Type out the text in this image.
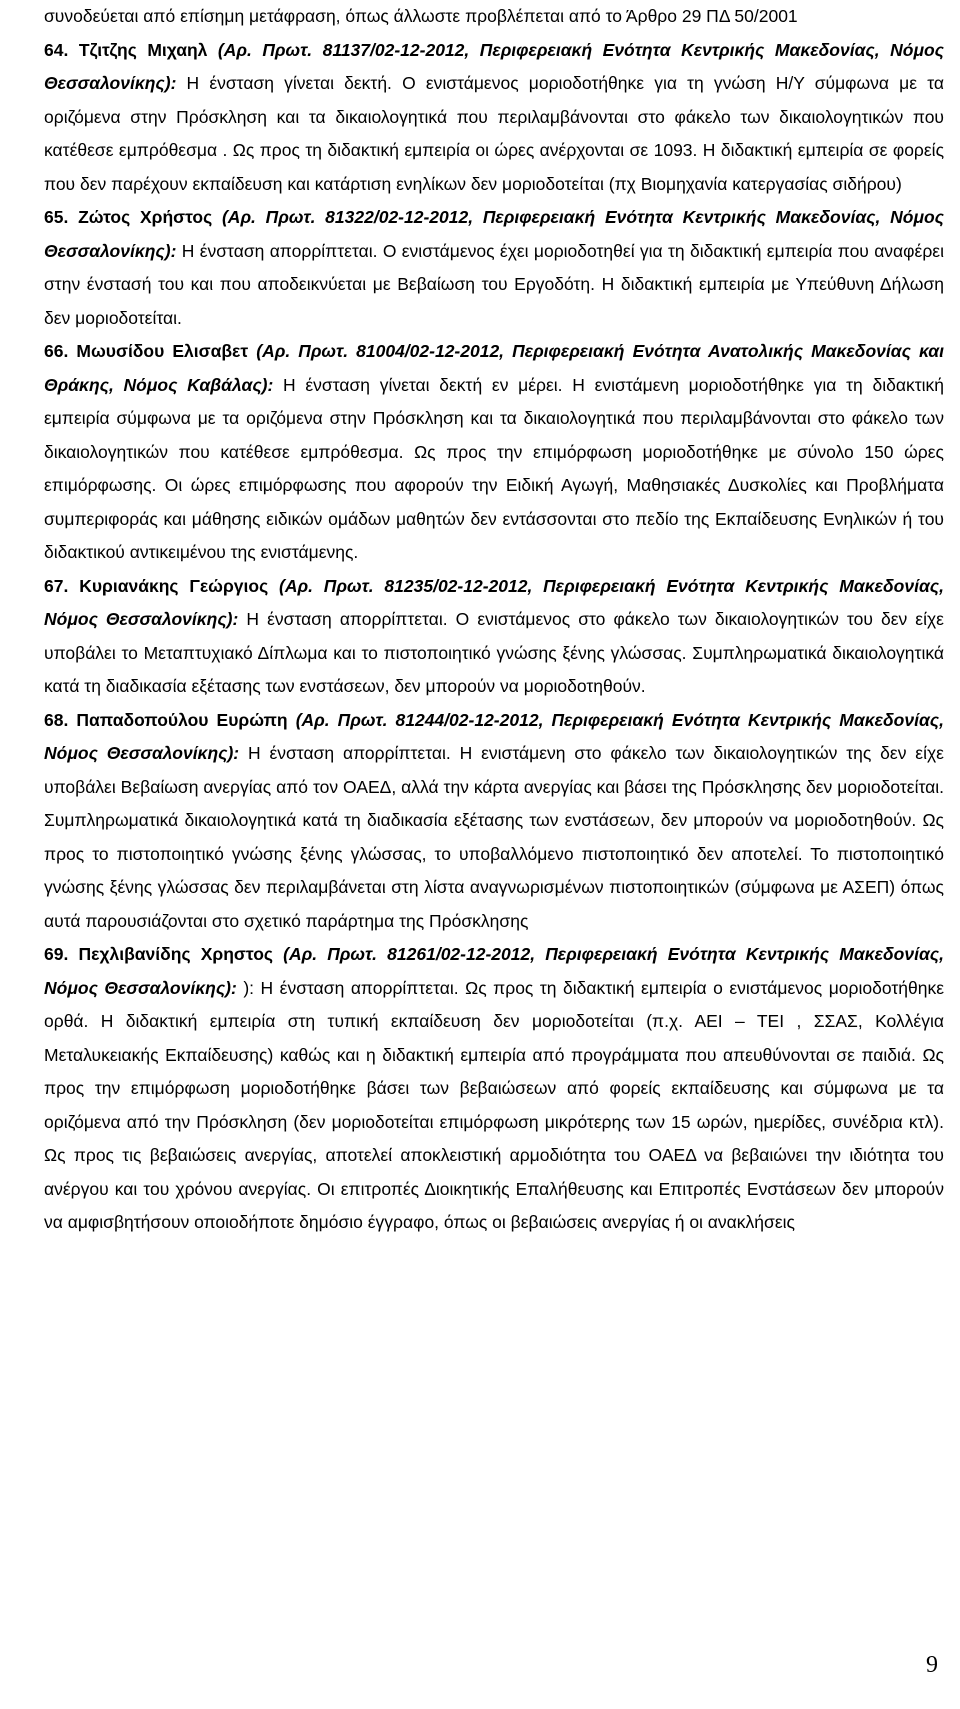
συνοδεύεται από επίσημη μετάφραση, όπως άλλωστε προβλέπεται από το Άρθρο 29 ΠΔ 50/2001

64. Τζιτζης Μιχαηλ (Αρ. Πρωτ. 81137/02-12-2012, Περιφερειακή Ενότητα Κεντρικής Μακεδονίας, Νόμος Θεσσαλονίκης): Η ένσταση γίνεται δεκτή. Ο ενιστάμενος μοριοδοτήθηκε για τη γνώση Η/Υ σύμφωνα με τα οριζόμενα στην Πρόσκληση και τα δικαιολογητικά που περιλαμβάνονται στο φάκελο των δικαιολογητικών που κατέθεσε εμπρόθεσμα . Ως προς τη διδακτική εμπειρία οι ώρες ανέρχονται σε 1093. Η διδακτική εμπειρία σε φορείς που δεν παρέχουν εκπαίδευση και κατάρτιση ενηλίκων δεν μοριοδοτείται (πχ Βιομηχανία κατεργασίας σιδήρου)

65. Ζώτος Χρήστος (Αρ. Πρωτ. 81322/02-12-2012, Περιφερειακή Ενότητα Κεντρικής Μακεδονίας, Νόμος Θεσσαλονίκης): Η ένσταση απορρίπτεται. Ο ενιστάμενος έχει μοριοδοτηθεί για τη διδακτική εμπειρία που αναφέρει στην ένστασή του και που αποδεικνύεται με Βεβαίωση του Εργοδότη. Η διδακτική εμπειρία με Υπεύθυνη Δήλωση δεν μοριοδοτείται.

66. Μωυσίδου Ελισαβετ (Αρ. Πρωτ. 81004/02-12-2012, Περιφερειακή Ενότητα Ανατολικής Μακεδονίας και Θράκης, Νόμος Καβάλας): Η ένσταση γίνεται δεκτή εν μέρει. Η ενιστάμενη μοριοδοτήθηκε για τη διδακτική εμπειρία σύμφωνα με τα οριζόμενα στην Πρόσκληση και τα δικαιολογητικά που περιλαμβάνονται στο φάκελο των δικαιολογητικών που κατέθεσε εμπρόθεσμα. Ως προς την επιμόρφωση μοριοδοτήθηκε με σύνολο 150 ώρες επιμόρφωσης. Οι ώρες επιμόρφωσης που αφορούν την Ειδική Αγωγή, Μαθησιακές Δυσκολίες και Προβλήματα συμπεριφοράς και μάθησης ειδικών ομάδων μαθητών δεν εντάσσονται στο πεδίο της Εκπαίδευσης Ενηλικών ή του διδακτικού αντικειμένου της ενιστάμενης.

67. Κυριανάκης Γεώργιος (Αρ. Πρωτ. 81235/02-12-2012, Περιφερειακή Ενότητα Κεντρικής Μακεδονίας, Νόμος Θεσσαλονίκης): Η ένσταση απορρίπτεται. Ο ενιστάμενος στο φάκελο των δικαιολογητικών του δεν είχε υποβάλει το Μεταπτυχιακό Δίπλωμα και το πιστοποιητικό γνώσης ξένης γλώσσας. Συμπληρωματικά δικαιολογητικά κατά τη διαδικασία εξέτασης των ενστάσεων, δεν μπορούν να μοριοδοτηθούν.

68. Παπαδοπούλου Ευρώπη (Αρ. Πρωτ. 81244/02-12-2012, Περιφερειακή Ενότητα Κεντρικής Μακεδονίας, Νόμος Θεσσαλονίκης): Η ένσταση απορρίπτεται. Η ενιστάμενη στο φάκελο των δικαιολογητικών της δεν είχε υποβάλει Βεβαίωση ανεργίας από τον ΟΑΕΔ, αλλά την κάρτα ανεργίας και βάσει της Πρόσκλησης δεν μοριοδοτείται. Συμπληρωματικά δικαιολογητικά κατά τη διαδικασία εξέτασης των ενστάσεων, δεν μπορούν να μοριοδοτηθούν. Ως προς το πιστοποιητικό γνώσης ξένης γλώσσας, το υποβαλλόμενο πιστοποιητικό δεν αποτελεί. Το πιστοποιητικό γνώσης ξένης γλώσσας δεν περιλαμβάνεται στη λίστα αναγνωρισμένων πιστοποιητικών (σύμφωνα με ΑΣΕΠ) όπως αυτά παρουσιάζονται στο σχετικό παράρτημα της Πρόσκλησης

69. Πεχλιβανίδης Χρηστος (Αρ. Πρωτ. 81261/02-12-2012, Περιφερειακή Ενότητα Κεντρικής Μακεδονίας, Νόμος Θεσσαλονίκης): ): Η ένσταση απορρίπτεται. Ως προς τη διδακτική εμπειρία ο ενιστάμενος μοριοδοτήθηκε ορθά. Η διδακτική εμπειρία στη τυπική εκπαίδευση δεν μοριοδοτείται (π.χ. ΑΕΙ – ΤΕΙ , ΣΣΑΣ, Κολλέγια Μεταλυκειακής Εκπαίδευσης) καθώς και η διδακτική εμπειρία από προγράμματα που απευθύνονται σε παιδιά. Ως προς την επιμόρφωση μοριοδοτήθηκε βάσει των βεβαιώσεων από φορείς εκπαίδευσης και σύμφωνα με τα οριζόμενα από την Πρόσκληση (δεν μοριοδοτείται επιμόρφωση μικρότερης των 15 ωρών, ημερίδες, συνέδρια κτλ). Ως προς τις βεβαιώσεις ανεργίας, αποτελεί αποκλειστική αρμοδιότητα του ΟΑΕΔ να βεβαιώνει την ιδιότητα του ανέργου και του χρόνου ανεργίας. Οι επιτροπές Διοικητικής Επαλήθευσης και Επιτροπές Ενστάσεων δεν μπορούν να αμφισβητήσουν οποιοδήποτε δημόσιο έγγραφο, όπως οι βεβαιώσεις ανεργίας ή οι ανακλήσεις

9
